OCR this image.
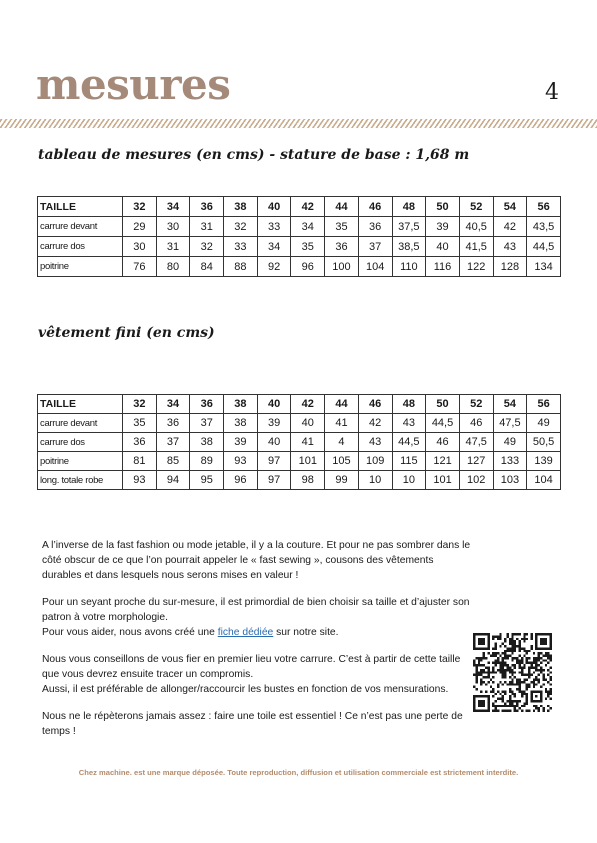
mesures	4
tableau de mesures (en cms) - stature de base : 1,68 m
TAILLE	32	34	36	38	40	42	44	46	48	50	52	54	56
carrure devant	29	30	31	32	33	34	35	36	37,5	39	40,5	42	43,5
carrure dos	30	31	32	33	34	35	36	37	38,5	40	41,5	43	44,5
poitrine	76	80	84	88	92	96	100	104	110	116	122	128	134
vêtement fini (en cms)
TAILLE	32	34	36	38	40	42	44	46	48	50	52	54	56
carrure devant	35	36	37	38	39	40	41	42	43	44,5	46	47,5	49
carrure dos	36	37	38	39	40	41	4	43	44,5	46	47,5	49	50,5
poitrine	81	85	89	93	97	101	105	109	115	121	127	133	139
long. totale robe	93	94	95	96	97	98	99	10	10	101	102	103	104

A l’inverse de la fast fashion ou mode jetable, il y a la couture. Et pour ne pas sombrer dans le côté obscur de ce que l’on pourrait appeler le « fast sewing », cousons des vêtements durables et dans lesquels nous serons mises en valeur !

Pour un seyant proche du sur-mesure, il est primordial de bien choisir sa taille et d’ajuster son patron à votre morphologie.
Pour vous aider, nous avons créé une fiche dédiée sur notre site.

Nous vous conseillons de vous fier en premier lieu votre carrure. C’est à partir de cette taille que vous devrez ensuite tracer un compromis.
Aussi, il est préférable de allonger/raccourcir les bustes en fonction de vos mensurations.

Nous ne le répèterons jamais assez : faire une toile est essentiel ! Ce n’est pas une perte de temps !

Chez machine. est une marque déposée. Toute reproduction, diffusion et utilisation commerciale est strictement interdite.
